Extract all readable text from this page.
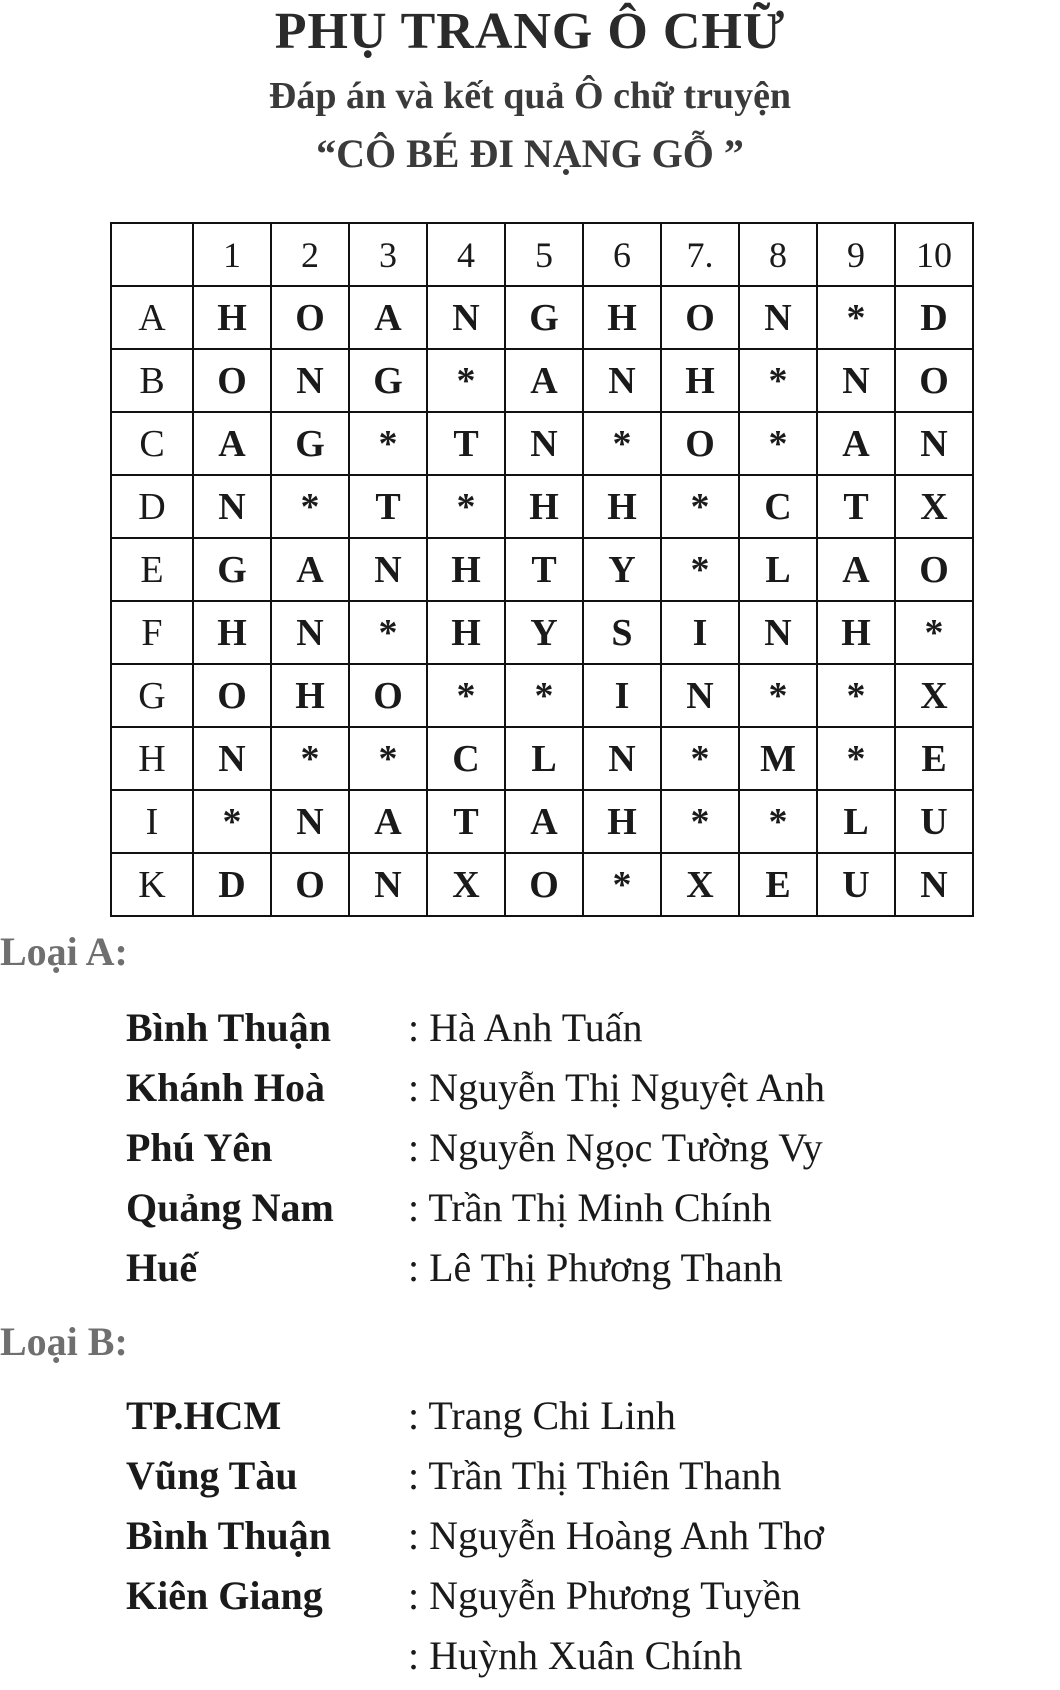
PHỤ TRANG Ô CHỮ
Đáp án và kết quả Ô chữ truyện
“CÔ BÉ ĐI NẠNG GỖ ”
	1	2	3	4	5	6	7.	8	9	10
A	H	O	A	N	G	H	O	N	*	D
B	O	N	G	*	A	N	H	*	N	O
C	A	G	*	T	N	*	O	*	A	N
D	N	*	T	*	H	H	*	C	T	X
E	G	A	N	H	T	Y	*	L	A	O
F	H	N	*	H	Y	S	I	N	H	*
G	O	H	O	*	*	I	N	*	*	X
H	N	*	*	C	L	N	*	M	*	E
I	*	N	A	T	A	H	*	*	L	U
K	D	O	N	X	O	*	X	E	U	N
Loại A:
Bình Thuận : Hà Anh Tuấn
Khánh Hoà : Nguyễn Thị Nguyệt Anh
Phú Yên	: Nguyễn Ngọc Tường Vy
Quảng Nam : Trần Thị Minh Chính
Huế	: Lê Thị Phương Thanh
Loại B:
TP.HCM	: Trang Chi Linh
Vũng Tàu	: Trần Thị Thiên Thanh
Bình Thuận : Nguyễn Hoàng Anh Thơ
Kiên Giang : Nguyễn Phương Tuyền
: Huỳnh Xuân Chính
